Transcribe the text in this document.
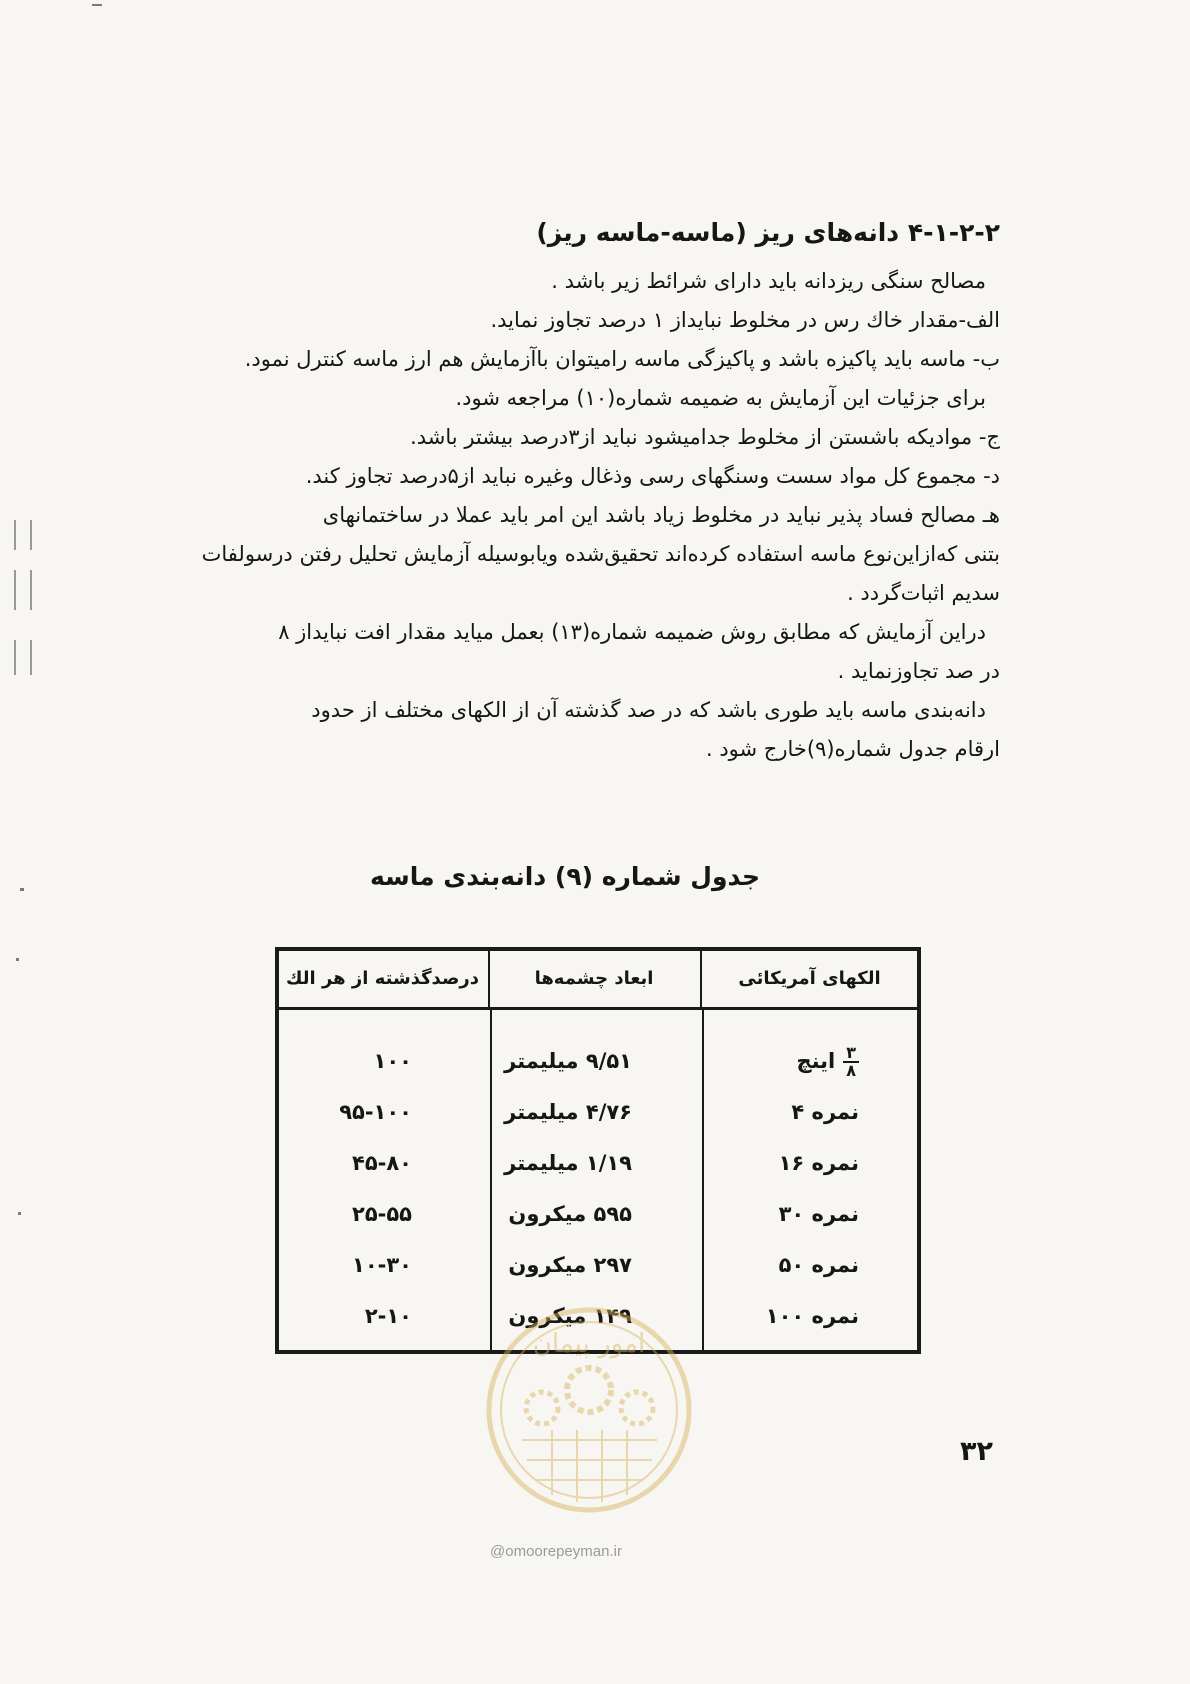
۴-۱-۲-۲ دانه‌های ریز (ماسه-ماسه ریز)
مصالح سنگی ریزدانه باید دارای شرائط زیر باشد .
الف-مقدار خاك رس در مخلوط نبایداز ۱ درصد تجاوز نماید.
ب- ماسه باید پاکیزه باشد و پاکیزگی ماسه رامیتوان باآزمایش هم ارز ماسه کنترل نمود.
برای جزئیات این آزمایش به ضمیمه شماره(۱۰) مراجعه شود.
ج- موادیکه باشستن از مخلوط جدامیشود نباید از۳درصد بیشتر باشد.
د- مجموع کل مواد سست وسنگهای رسی وذغال وغیره نباید از۵درصد تجاوز کند.
هـ مصالح فساد پذیر نباید در مخلوط زیاد باشد این امر باید عملا در ساختمانهای
بتنی که‌ازاین‌نوع ماسه استفاده کرده‌اند تحقیق‌شده ویابوسیله آزمایش تحلیل رفتن درسولفات
سدیم اثبات‌گردد .
دراین آزمایش که مطابق روش ضمیمه شماره(۱۳) بعمل میاید مقدار افت نبایداز ۸
در صد تجاوزنماید .
دانه‌بندی ماسه باید طوری باشد که در صد گذشته آن از الکهای مختلف از حدود
ارقام جدول شماره(۹)خارج شود .
جدول شماره (۹) دانه‌بندی ماسه
الکهای آمریکائی
ابعاد چشمه‌ها
درصدگذشته از هر الك
$\frac{۳}{۸}$
اینچ
۹/۵۱ میلیمتر
۱۰۰
نمره ۴
۴/۷۶ میلیمتر
۹۵-۱۰۰
نمره ۱۶
۱/۱۹ میلیمتر
۴۵-۸۰
نمره ۳۰
۵۹۵ میکرون
۲۵-۵۵
نمره ۵۰
۲۹۷ میکرون
۱۰-۳۰
نمره ۱۰۰
۱۴۹ میکرون
۲-۱۰
۳۲
امور پیمان
@omoorepeyman.ir
